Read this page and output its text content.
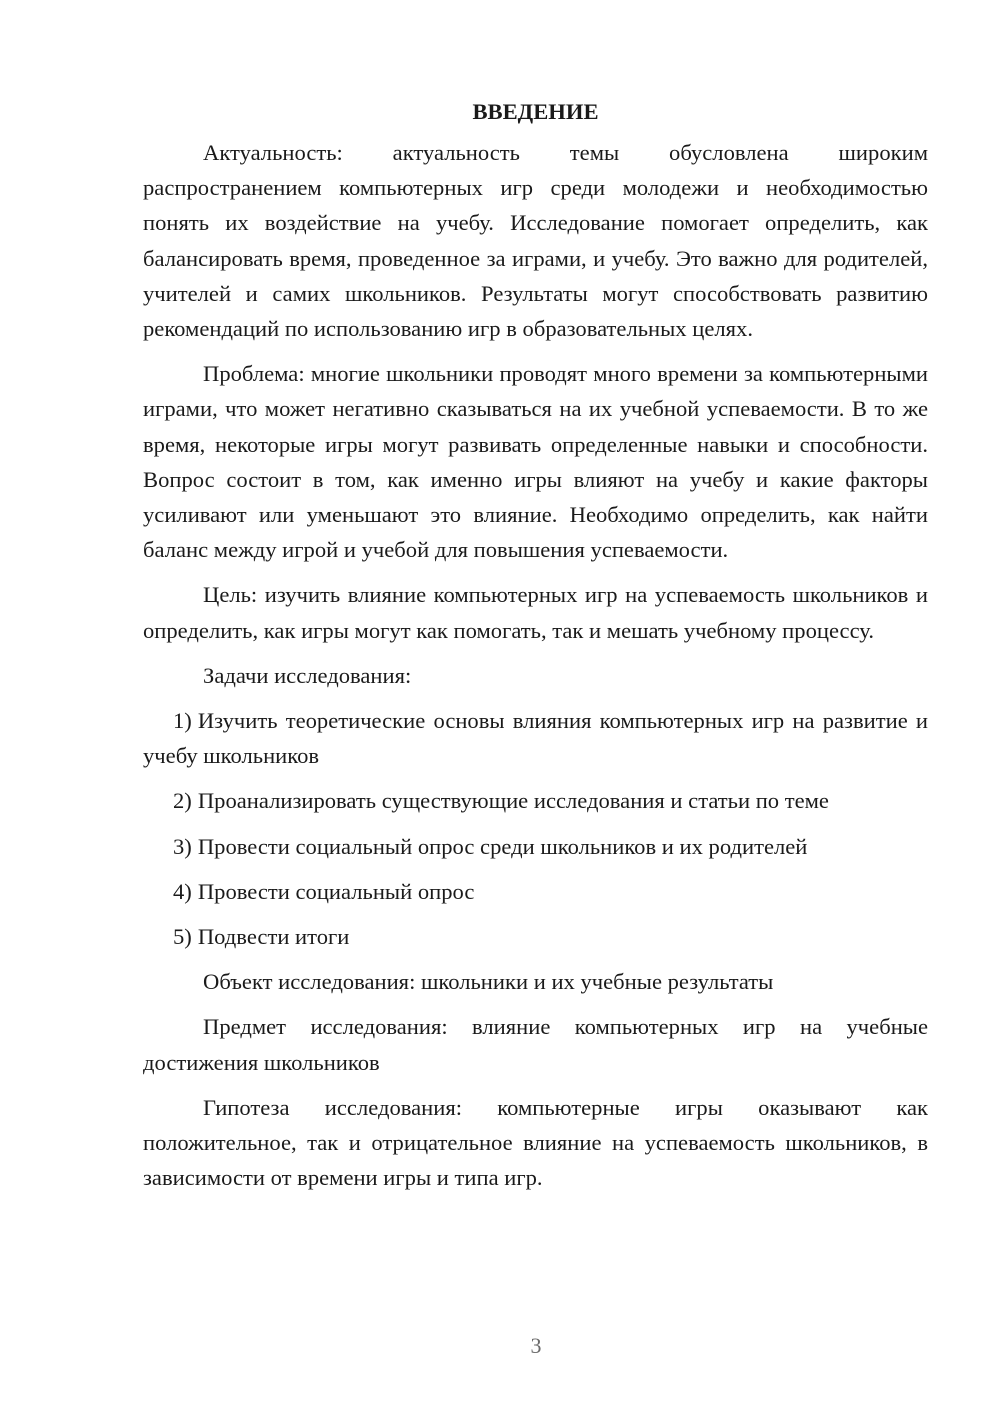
ВВЕДЕНИЕ

Актуальность: актуальность темы обусловлена широким распространением компьютерных игр среди молодежи и необходимостью понять их воздействие на учебу. Исследование помогает определить, как балансировать время, проведенное за играми, и учебу. Это важно для родителей, учителей и самих школьников. Результаты могут способствовать развитию рекомендаций по использованию игр в образовательных целях.

Проблема: многие школьники проводят много времени за компьютерными играми, что может негативно сказываться на их учебной успеваемости. В то же время, некоторые игры могут развивать определенные навыки и способности. Вопрос состоит в том, как именно игры влияют на учебу и какие факторы усиливают или уменьшают это влияние. Необходимо определить, как найти баланс между игрой и учебой для повышения успеваемости.

Цель: изучить влияние компьютерных игр на успеваемость школьников и определить, как игры могут как помогать, так и мешать учебному процессу.

Задачи исследования:

1) Изучить теоретические основы влияния компьютерных игр на развитие и учебу школьников

2) Проанализировать существующие исследования и статьи по теме

3) Провести социальный опрос среди школьников и их родителей

4) Провести социальный опрос

5) Подвести итоги

Объект исследования: школьники и их учебные результаты

Предмет исследования: влияние компьютерных игр на учебные достижения школьников

Гипотеза исследования: компьютерные игры оказывают как положительное, так и отрицательное влияние на успеваемость школьников, в зависимости от времени игры и типа игр.

3
